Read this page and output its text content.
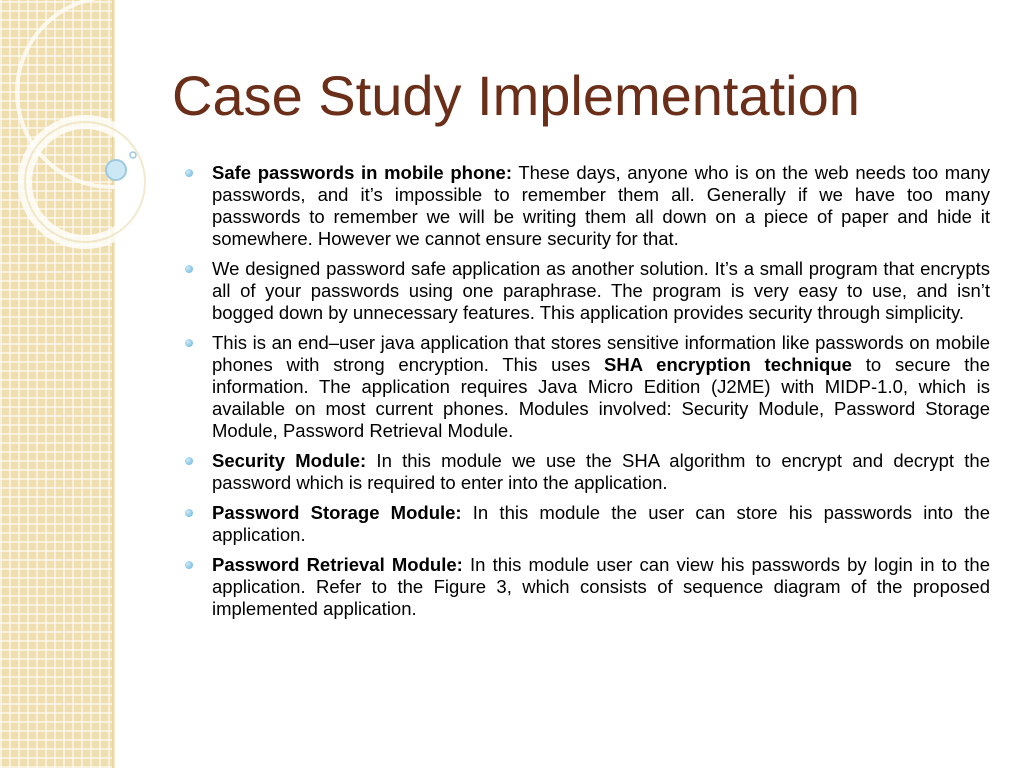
Case Study Implementation
Safe passwords in mobile phone: These days, anyone who is on the web needs too many passwords, and it’s impossible to remember them all. Generally if we have too many passwords to remember we will be writing them all down on a piece of paper and hide it somewhere. However we cannot ensure security for that.
We designed password safe application as another solution. It’s a small program that encrypts all of your passwords using one paraphrase. The program is very easy to use, and isn’t bogged down by unnecessary features. This application provides security through simplicity.
This is an end–user java application that stores sensitive information like passwords on mobile phones with strong encryption. This uses SHA encryption technique to secure the information. The application requires Java Micro Edition (J2ME) with MIDP-1.0, which is available on most current phones. Modules involved: Security Module, Password Storage Module, Password Retrieval Module.
Security Module: In this module we use the SHA algorithm to encrypt and decrypt the password which is required to enter into the application.
Password Storage Module: In this module the user can store his passwords into the application.
Password Retrieval Module: In this module user can view his passwords by login in to the application. Refer to the Figure 3, which consists of sequence diagram of the proposed implemented application.
